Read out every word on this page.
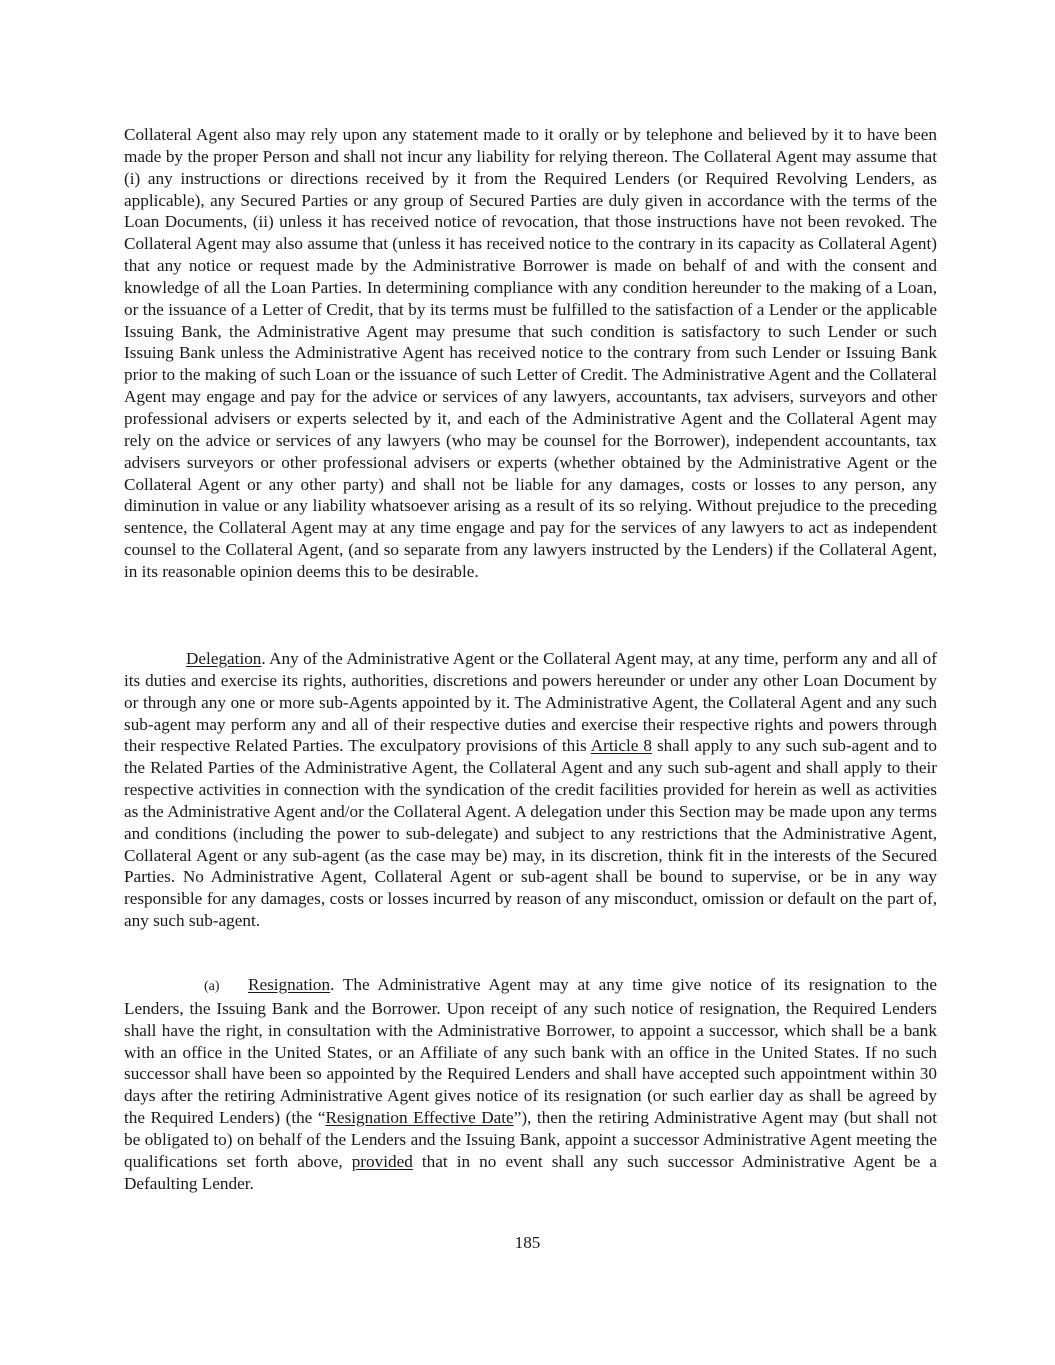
Collateral Agent also may rely upon any statement made to it orally or by telephone and believed by it to have been made by the proper Person and shall not incur any liability for relying thereon. The Collateral Agent may assume that (i) any instructions or directions received by it from the Required Lenders (or Required Revolving Lenders, as applicable), any Secured Parties or any group of Secured Parties are duly given in accordance with the terms of the Loan Documents, (ii) unless it has received notice of revocation, that those instructions have not been revoked. The Collateral Agent may also assume that (unless it has received notice to the contrary in its capacity as Collateral Agent) that any notice or request made by the Administrative Borrower is made on behalf of and with the consent and knowledge of all the Loan Parties. In determining compliance with any condition hereunder to the making of a Loan, or the issuance of a Letter of Credit, that by its terms must be fulfilled to the satisfaction of a Lender or the applicable Issuing Bank, the Administrative Agent may presume that such condition is satisfactory to such Lender or such Issuing Bank unless the Administrative Agent has received notice to the contrary from such Lender or Issuing Bank prior to the making of such Loan or the issuance of such Letter of Credit. The Administrative Agent and the Collateral Agent may engage and pay for the advice or services of any lawyers, accountants, tax advisers, surveyors and other professional advisers or experts selected by it, and each of the Administrative Agent and the Collateral Agent may rely on the advice or services of any lawyers (who may be counsel for the Borrower), independent accountants, tax advisers surveyors or other professional advisers or experts (whether obtained by the Administrative Agent or the Collateral Agent or any other party) and shall not be liable for any damages, costs or losses to any person, any diminution in value or any liability whatsoever arising as a result of its so relying. Without prejudice to the preceding sentence, the Collateral Agent may at any time engage and pay for the services of any lawyers to act as independent counsel to the Collateral Agent, (and so separate from any lawyers instructed by the Lenders) if the Collateral Agent, in its reasonable opinion deems this to be desirable.

Delegation. Any of the Administrative Agent or the Collateral Agent may, at any time, perform any and all of its duties and exercise its rights, authorities, discretions and powers hereunder or under any other Loan Document by or through any one or more sub-Agents appointed by it. The Administrative Agent, the Collateral Agent and any such sub-agent may perform any and all of their respective duties and exercise their respective rights and powers through their respective Related Parties. The exculpatory provisions of this Article 8 shall apply to any such sub-agent and to the Related Parties of the Administrative Agent, the Collateral Agent and any such sub-agent and shall apply to their respective activities in connection with the syndication of the credit facilities provided for herein as well as activities as the Administrative Agent and/or the Collateral Agent. A delegation under this Section may be made upon any terms and conditions (including the power to sub-delegate) and subject to any restrictions that the Administrative Agent, Collateral Agent or any sub-agent (as the case may be) may, in its discretion, think fit in the interests of the Secured Parties. No Administrative Agent, Collateral Agent or sub-agent shall be bound to supervise, or be in any way responsible for any damages, costs or losses incurred by reason of any misconduct, omission or default on the part of, any such sub-agent.

(a) Resignation. The Administrative Agent may at any time give notice of its resignation to the Lenders, the Issuing Bank and the Borrower. Upon receipt of any such notice of resignation, the Required Lenders shall have the right, in consultation with the Administrative Borrower, to appoint a successor, which shall be a bank with an office in the United States, or an Affiliate of any such bank with an office in the United States. If no such successor shall have been so appointed by the Required Lenders and shall have accepted such appointment within 30 days after the retiring Administrative Agent gives notice of its resignation (or such earlier day as shall be agreed by the Required Lenders) (the “Resignation Effective Date”), then the retiring Administrative Agent may (but shall not be obligated to) on behalf of the Lenders and the Issuing Bank, appoint a successor Administrative Agent meeting the qualifications set forth above, provided that in no event shall any such successor Administrative Agent be a Defaulting Lender.

185
